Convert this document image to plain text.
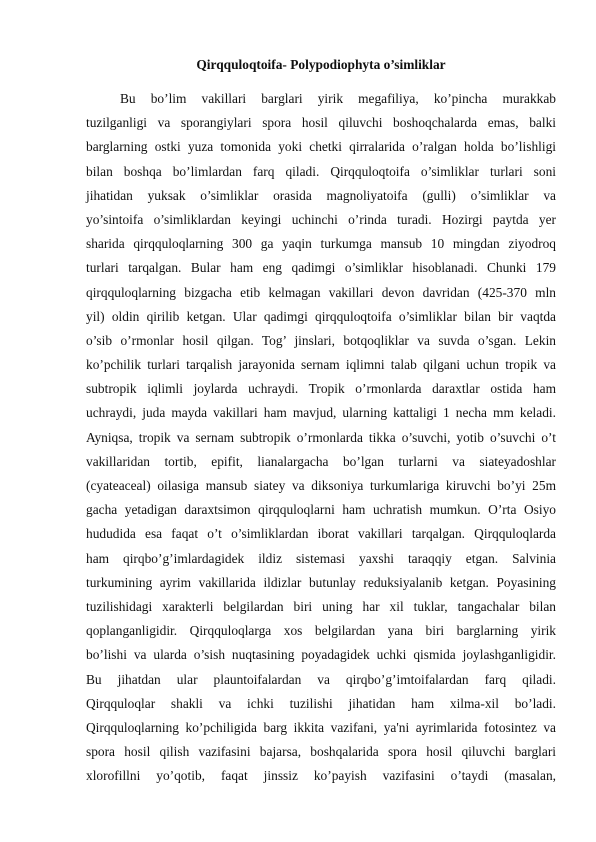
Qirqquloqtoifa- Polypodiophyta o’simliklar
Bu bo’lim vakillari barglari yirik megafiliya, ko’pincha murakkab
tuzilganligi va sporangiylari spora hosil qiluvchi boshoqchalarda emas, balki
barglarning ostki yuza tomonida yoki chetki qirralarida o’ralgan holda bo’lishligi
bilan boshqa bo’limlardan farq qiladi. Qirqquloqtoifa o’simliklar turlari soni
jihatidan yuksak o’simliklar orasida magnoliyatoifa (gulli) o’simliklar va
yo’sintoifa o’simliklardan keyingi uchinchi o’rinda turadi. Hozirgi paytda yer
sharida qirqquloqlarning 300 ga yaqin turkumga mansub 10 mingdan ziyodroq
turlari tarqalgan. Bular ham eng qadimgi o’simliklar hisoblanadi. Chunki 179
qirqquloqlarning bizgacha etib kelmagan vakillari devon davridan (425-370 mln
yil) oldin qirilib ketgan. Ular qadimgi qirqquloqtoifa o’simliklar bilan bir vaqtda
o’sib o’rmonlar hosil qilgan. Tog’ jinslari, botqoqliklar va suvda o’sgan. Lekin
ko’pchilik turlari tarqalish jarayonida sernam iqlimni talab qilgani uchun tropik va
subtropik iqlimli joylarda uchraydi. Tropik o’rmonlarda daraxtlar ostida ham
uchraydi, juda mayda vakillari ham mavjud, ularning kattaligi 1 necha mm keladi.
Ayniqsa, tropik va sernam subtropik o’rmonlarda tikka o’suvchi, yotib o’suvchi o’t
vakillaridan tortib, epifit, lianalargacha bo’lgan turlarni va siateyadoshlar
(cyateaceal) oilasiga mansub siatey va diksoniya turkumlariga kiruvchi bo’yi 25m
gacha yetadigan daraxtsimon qirqquloqlarni ham uchratish mumkun. O’rta Osiyo
hududida esa faqat o’t o’simliklardan iborat vakillari tarqalgan. Qirqquloqlarda
ham qirqbo’g’imlardagidek ildiz sistemasi yaxshi taraqqiy etgan. Salvinia
turkumining ayrim vakillarida ildizlar butunlay reduksiyalanib ketgan. Poyasining
tuzilishidagi xarakterli belgilardan biri uning har xil tuklar, tangachalar bilan
qoplanganligidir. Qirqquloqlarga xos belgilardan yana biri barglarning yirik
bo’lishi va ularda o’sish nuqtasining poyadagidek uchki qismida joylashganligidir.
Bu jihatdan ular plauntoifalardan va qirqbo’g’imtoifalardan farq qiladi.
Qirqquloqlar shakli va ichki tuzilishi jihatidan ham xilma-xil bo’ladi.
Qirqquloqlarning ko’pchiligida barg ikkita vazifani, ya'ni ayrimlarida fotosintez va
spora hosil qilish vazifasini bajarsa, boshqalarida spora hosil qiluvchi barglari
xlorofillni yo’qotib, faqat jinssiz ko’payish vazifasini o’taydi (masalan,
